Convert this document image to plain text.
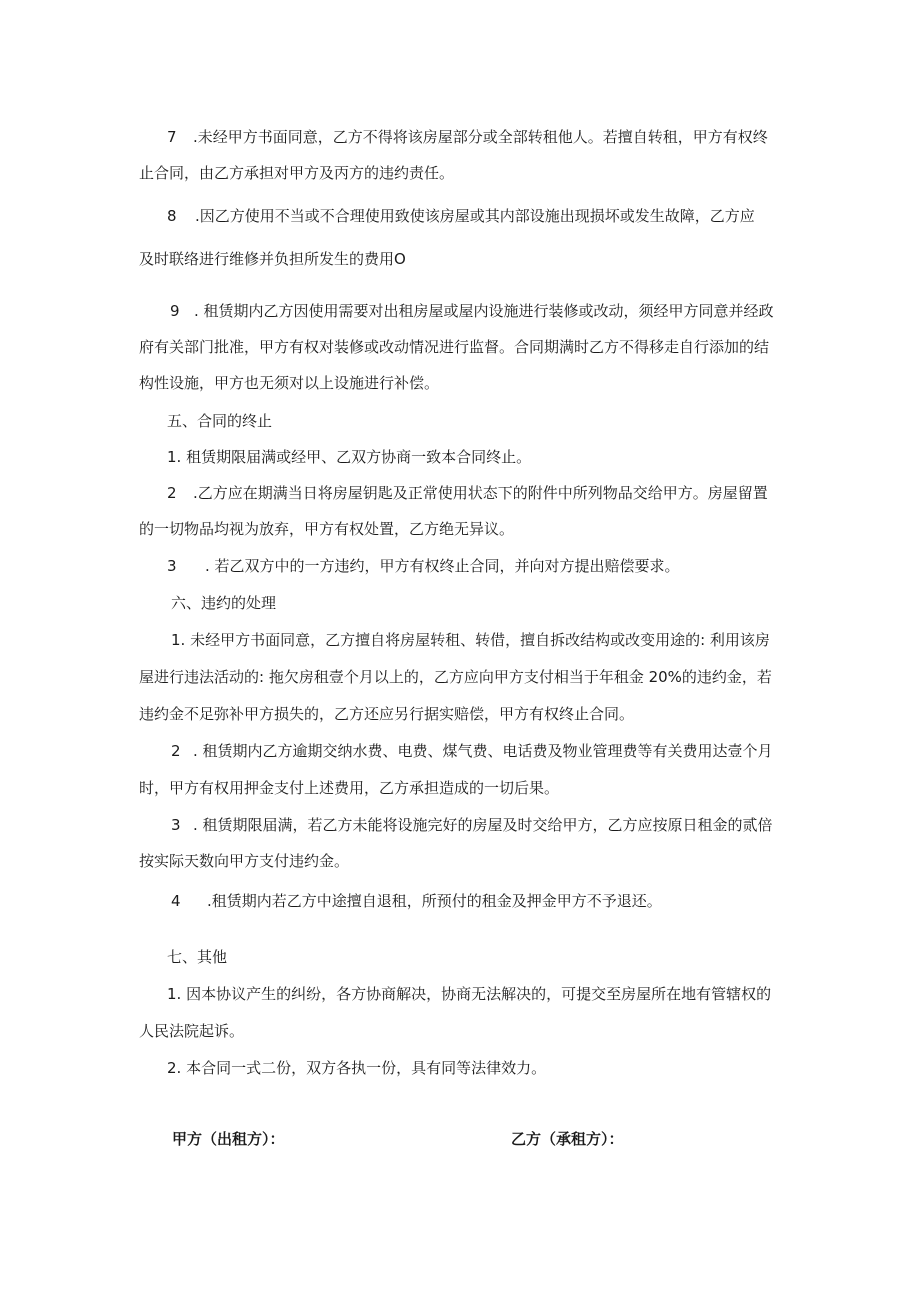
7 .未经甲方书面同意，乙方不得将该房屋部分或全部转租他人。若擅自转租，甲方有权终

止合同，由乙方承担对甲方及丙方的违约责任。

8 .因乙方使用不当或不合理使用致使该房屋或其内部设施出现损坏或发生故障，乙方应

及时联络进行维修并负担所发生的费用O

9 . 租赁期内乙方因使用需要对出租房屋或屋内设施进行装修或改动，须经甲方同意并经政

府有关部门批准，甲方有权对装修或改动情况进行监督。合同期满时乙方不得移走自行添加的结

构性设施，甲方也无须对以上设施进行补偿。

五、合同的终止

1. 租赁期限届满或经甲、乙双方协商一致本合同终止。

2 .乙方应在期满当日将房屋钥匙及正常使用状态下的附件中所列物品交给甲方。房屋留置

的一切物品均视为放弃，甲方有权处置，乙方绝无异议。

3 . 若乙双方中的一方违约，甲方有权终止合同，并向对方提出赔偿要求。

六、违约的处理

1. 未经甲方书面同意，乙方擅自将房屋转租、转借，擅自拆改结构或改变用途的: 利用该房

屋进行违法活动的: 拖欠房租壹个月以上的，乙方应向甲方支付相当于年租金 20%的违约金，若

违约金不足弥补甲方损失的，乙方还应另行据实赔偿，甲方有权终止合同。

2 . 租赁期内乙方逾期交纳水费、电费、煤气费、电话费及物业管理费等有关费用达壹个月

时，甲方有权用押金支付上述费用，乙方承担造成的一切后果。

3 . 租赁期限届满，若乙方未能将设施完好的房屋及时交给甲方，乙方应按原日租金的贰倍

按实际天数向甲方支付违约金。

4 .租赁期内若乙方中途擅自退租，所预付的租金及押金甲方不予退还。

七、其他

1. 因本协议产生的纠纷，各方协商解决，协商无法解决的，可提交至房屋所在地有管辖权的

人民法院起诉。

2. 本合同一式二份，双方各执一份，具有同等法律效力。

甲方（出租方）：	乙方（承租方）：
